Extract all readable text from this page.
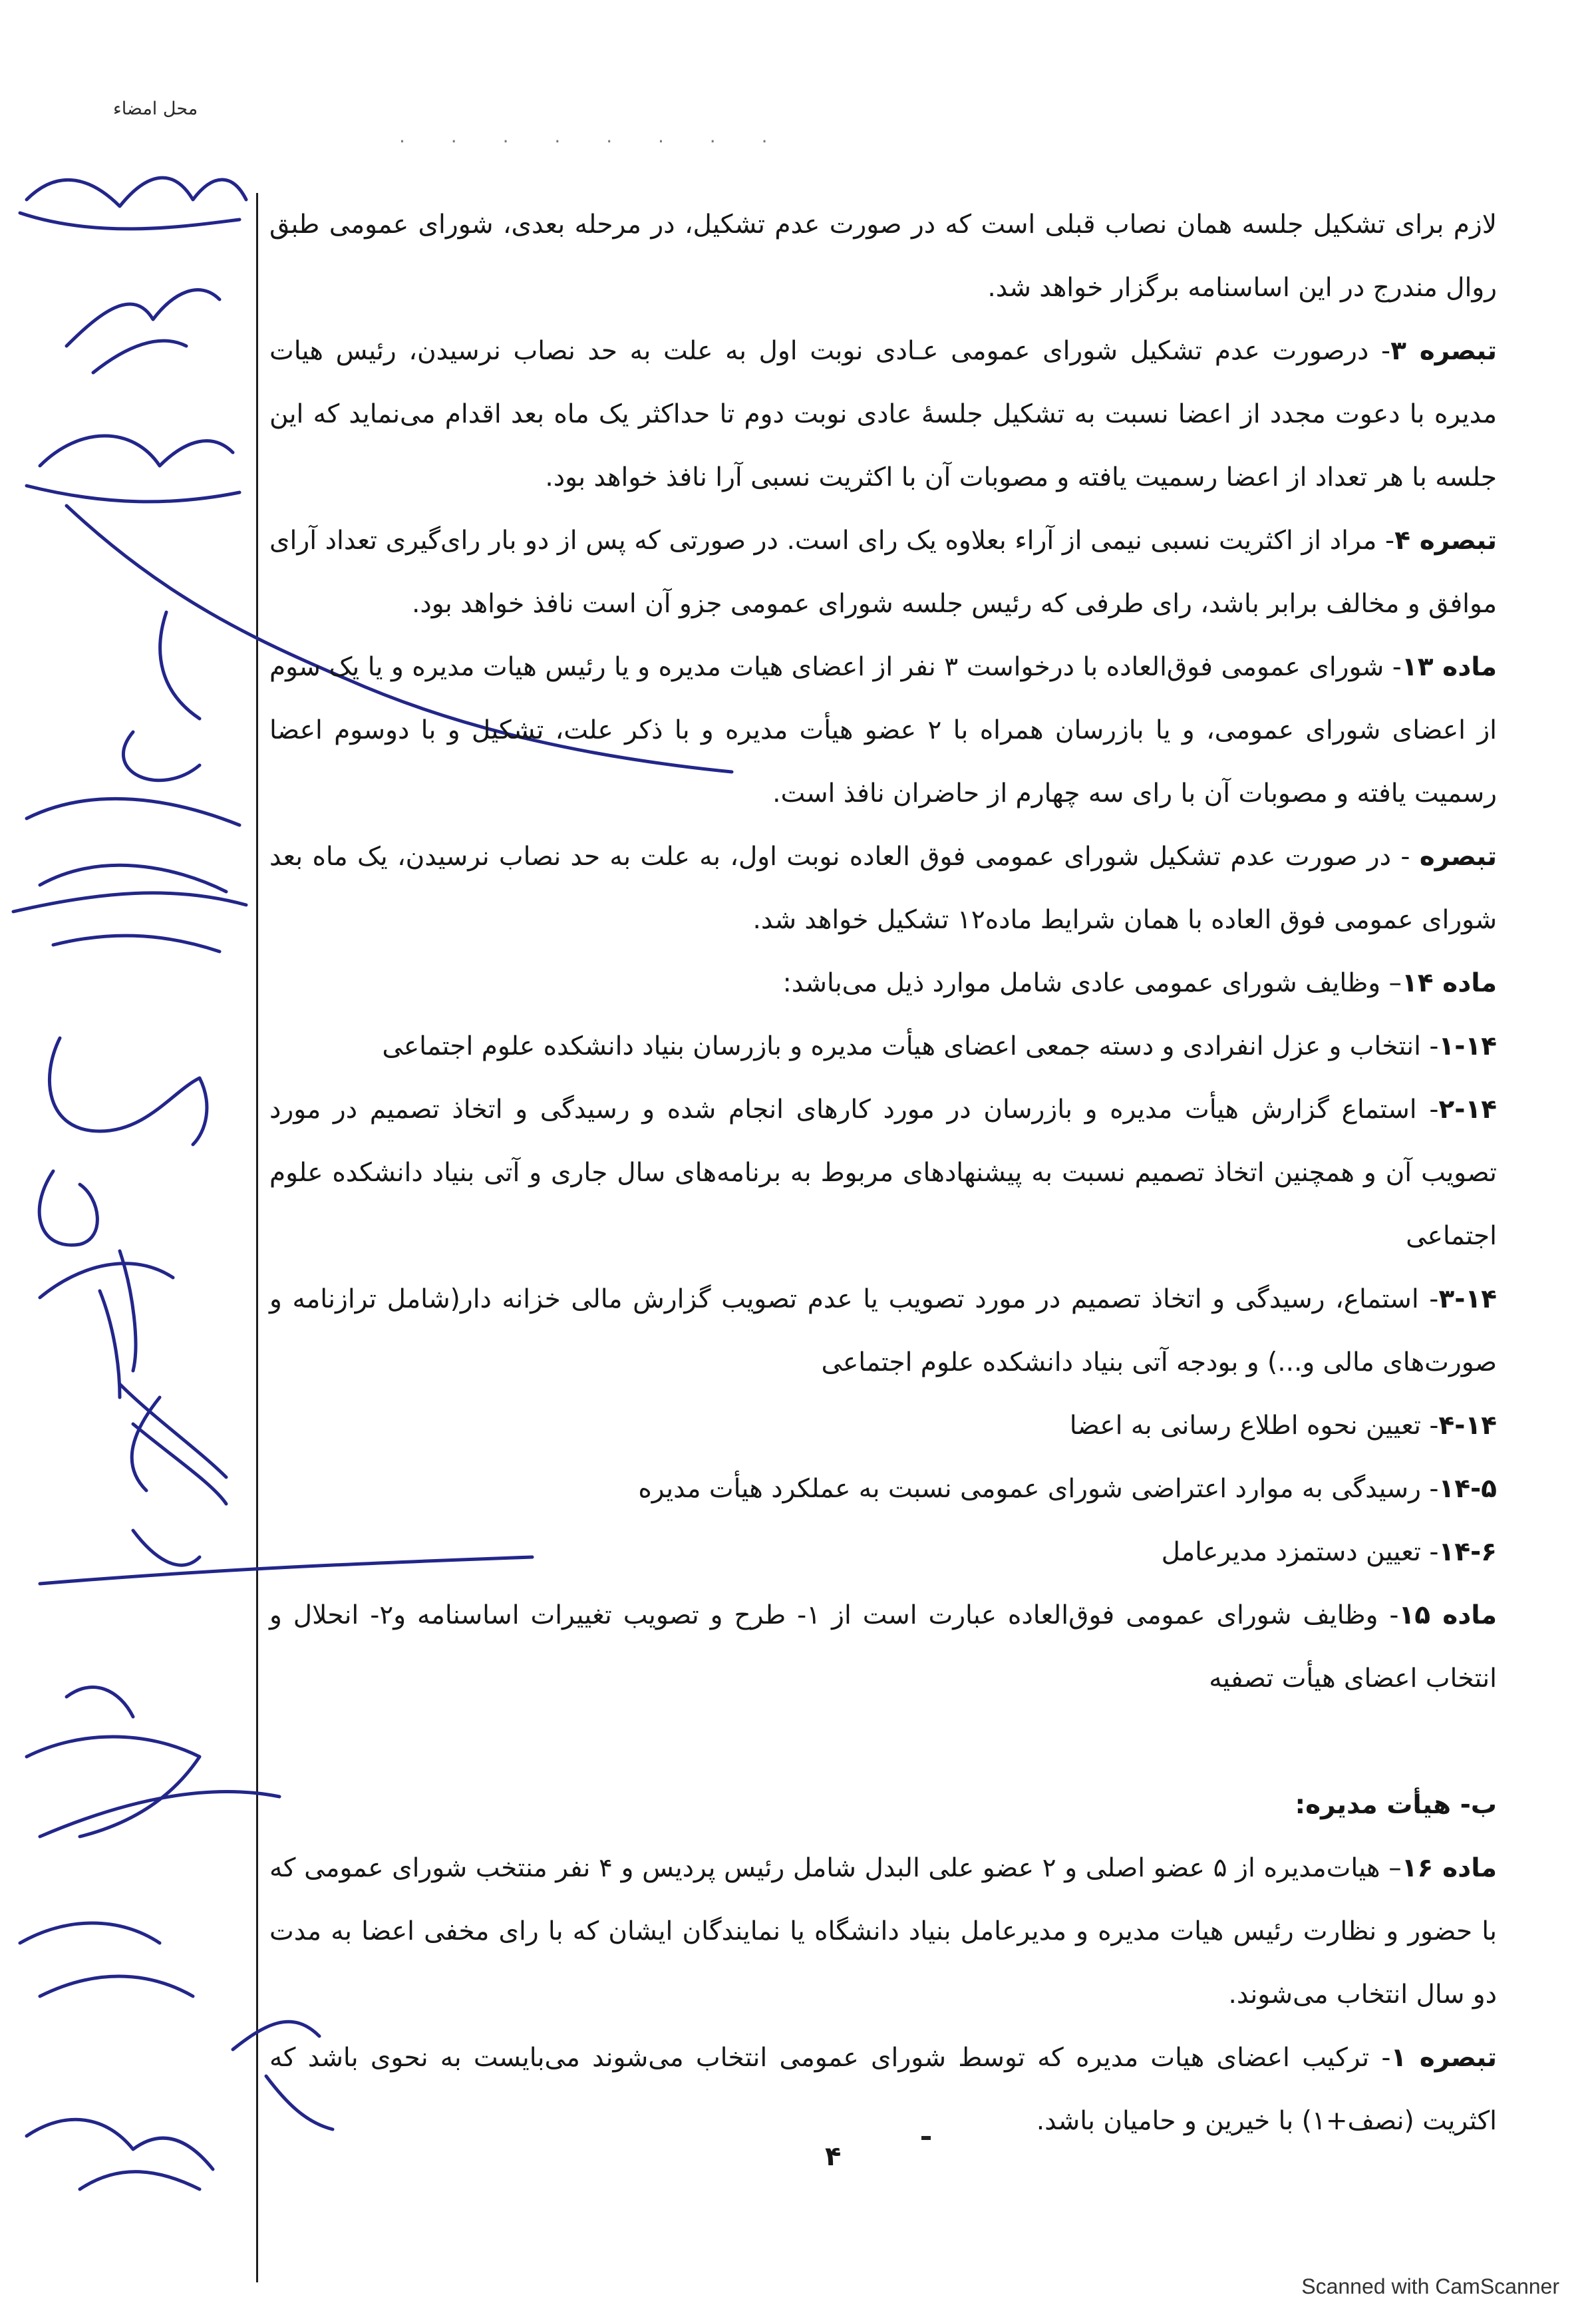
محل امضاء
. . . . . . . .

لازم برای تشکیل جلسه همان نصاب قبلی است که در صورت عدم تشکیل، در مرحله بعدی، شورای عمومی طبق روال مندرج در این اساسنامه برگزار خواهد شد.

تبصره ۳- درصورت عدم تشکیل شورای عمومی عـادی نوبت اول به علت به حد نصاب نرسیدن، رئیس هیات مدیره با دعوت مجدد از اعضا نسبت به تشکیل جلسهٔ عادی نوبت دوم تا حداکثر یک ماه بعد اقدام می‌نماید که این جلسه با هر تعداد از اعضا رسمیت یافته و مصوبات آن با اکثریت نسبی آرا نافذ خواهد بود.

تبصره ۴- مراد از اکثریت نسبی نیمی از آراء بعلاوه یک رای است. در صورتی که پس از دو بار رای‌گیری تعداد آرای موافق و مخالف برابر باشد، رای طرفی که رئیس جلسه شورای عمومی جزو آن است نافذ خواهد بود.

ماده ۱۳- شورای عمومی فوق‌العاده با درخواست ۳ نفر از اعضای هیات مدیره و یا رئیس هیات مدیره و یا یک سوم از اعضای شورای عمومی، و یا بازرسان همراه با ۲ عضو هیأت مدیره و با ذکر علت، تشکیل و با دوسوم اعضا رسمیت یافته و مصوبات آن با رای سه چهارم از حاضران نافذ است.

تبصره - در صورت عدم تشکیل شورای عمومی فوق العاده نوبت اول، به علت به حد نصاب نرسیدن، یک ماه بعد شورای عمومی فوق العاده با همان شرایط ماده۱۲ تشکیل خواهد شد.

ماده ۱۴– وظایف شورای عمومی عادی شامل موارد ذیل می‌باشد:

۱-۱۴- انتخاب و عزل انفرادی و دسته جمعی اعضای هیأت مدیره و بازرسان بنیاد دانشکده علوم اجتماعی

۲-۱۴- استماع گزارش هیأت مدیره و بازرسان در مورد کارهای انجام شده و رسیدگی و اتخاذ تصمیم در مورد تصویب آن و همچنین اتخاذ تصمیم نسبت به پیشنهادهای مربوط به برنامه‌های سال جاری و آتی بنیاد دانشکده علوم اجتماعی

۳-۱۴- استماع، رسیدگی و اتخاذ تصمیم در مورد تصویب یا عدم تصویب گزارش مالی خزانه دار(شامل ترازنامه و صورت‌های مالی و...) و بودجه آتی بنیاد دانشکده علوم اجتماعی

۴-۱۴- تعیین نحوه اطلاع رسانی به اعضا

۱۴-۵- رسیدگی به موارد اعتراضی شورای عمومی نسبت به عملکرد هیأت مدیره

۱۴-۶- تعیین دستمزد مدیرعامل

ماده ۱۵- وظایف شورای عمومی فوق‌العاده عبارت است از ۱- طرح و تصویب تغییرات اساسنامه و۲- انحلال و انتخاب اعضای هیأت تصفیه

ب- هیأت مدیره:

ماده ۱۶– هیات‌مدیره از ۵ عضو اصلی و ۲ عضو علی البدل شامل رئیس پردیس و ۴ نفر منتخب شورای عمومی که با حضور و نظارت رئیس هیات مدیره و مدیرعامل بنیاد دانشگاه یا نمایندگان ایشان که با رای مخفی اعضا به مدت دو سال انتخاب می‌شوند.

تبصره ۱- ترکیب اعضای هیات مدیره که توسط شورای عمومی انتخاب می‌شوند می‌بایست به نحوی باشد که اکثریت (نصف+۱) با خیرین و حامیان باشد.

۴
Scanned with CamScanner
